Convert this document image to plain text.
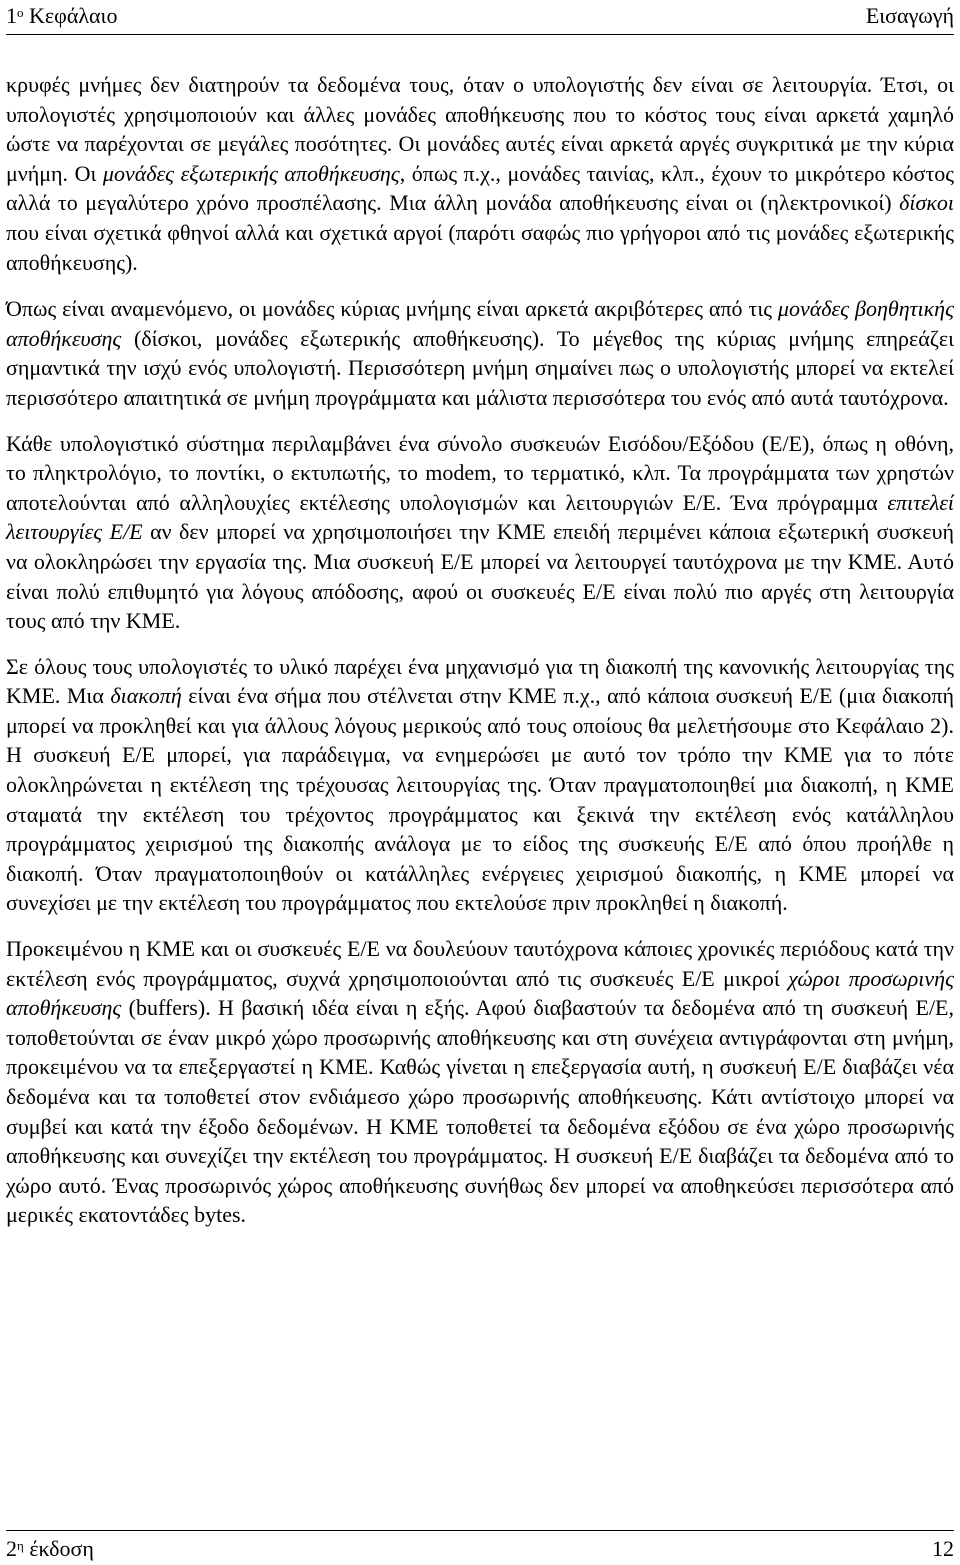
$1^o$ Κεφάλαιο	Εισαγωγή

κρυφές μνήμες δεν διατηρούν τα δεδομένα τους, όταν ο υπολογιστής δεν είναι σε λειτουργία. Έτσι, οι υπολογιστές χρησιμοποιούν και άλλες μονάδες αποθήκευσης που το κόστος τους είναι αρκετά χαμηλό ώστε να παρέχονται σε μεγάλες ποσότητες. Οι μονάδες αυτές είναι αρκετά αργές συγκριτικά με την κύρια μνήμη. Οι μονάδες εξωτερικής αποθήκευσης, όπως π.χ., μονάδες ταινίας, κλπ., έχουν το μικρότερο κόστος αλλά το μεγαλύτερο χρόνο προσπέλασης. Μια άλλη μονάδα αποθήκευσης είναι οι (ηλεκτρονικοί) δίσκοι που είναι σχετικά φθηνοί αλλά και σχετικά αργοί (παρότι σαφώς πιο γρήγοροι από τις μονάδες εξωτερικής αποθήκευσης).

Όπως είναι αναμενόμενο, οι μονάδες κύριας μνήμης είναι αρκετά ακριβότερες από τις μονάδες βοηθητικής αποθήκευσης (δίσκοι, μονάδες εξωτερικής αποθήκευσης). Το μέγεθος της κύριας μνήμης επηρεάζει σημαντικά την ισχύ ενός υπολογιστή. Περισσότερη μνήμη σημαίνει πως ο υπολογιστής μπορεί να εκτελεί περισσότερο απαιτητικά σε μνήμη προγράμματα και μάλιστα περισσότερα του ενός από αυτά ταυτόχρονα.

Κάθε υπολογιστικό σύστημα περιλαμβάνει ένα σύνολο συσκευών Εισόδου/Εξόδου (Ε/Ε), όπως η οθόνη, το πληκτρολόγιο, το ποντίκι, ο εκτυπωτής, το modem, το τερματικό, κλπ. Τα προγράμματα των χρηστών αποτελούνται από αλληλουχίες εκτέλεσης υπολογισμών και λειτουργιών Ε/Ε. Ένα πρόγραμμα επιτελεί λειτουργίες Ε/Ε αν δεν μπορεί να χρησιμοποιήσει την ΚΜΕ επειδή περιμένει κάποια εξωτερική συσκευή να ολοκληρώσει την εργασία της. Μια συσκευή Ε/Ε μπορεί να λειτουργεί ταυτόχρονα με την ΚΜΕ. Αυτό είναι πολύ επιθυμητό για λόγους απόδοσης, αφού οι συσκευές Ε/Ε είναι πολύ πιο αργές στη λειτουργία τους από την ΚΜΕ.

Σε όλους τους υπολογιστές το υλικό παρέχει ένα μηχανισμό για τη διακοπή της κανονικής λειτουργίας της ΚΜΕ. Μια διακοπή είναι ένα σήμα που στέλνεται στην ΚΜΕ π.χ., από κάποια συσκευή Ε/Ε (μια διακοπή μπορεί να προκληθεί και για άλλους λόγους μερικούς από τους οποίους θα μελετήσουμε στο Κεφάλαιο 2). Η συσκευή Ε/Ε μπορεί, για παράδειγμα, να ενημερώσει με αυτό τον τρόπο την ΚΜΕ για το πότε ολοκληρώνεται η εκτέλεση της τρέχουσας λειτουργίας της. Όταν πραγματοποιηθεί μια διακοπή, η ΚΜΕ σταματά την εκτέλεση του τρέχοντος προγράμματος και ξεκινά την εκτέλεση ενός κατάλληλου προγράμματος χειρισμού της διακοπής ανάλογα με το είδος της συσκευής Ε/Ε από όπου προήλθε η διακοπή. Όταν πραγματοποιηθούν οι κατάλληλες ενέργειες χειρισμού διακοπής, η ΚΜΕ μπορεί να συνεχίσει με την εκτέλεση του προγράμματος που εκτελούσε πριν προκληθεί η διακοπή.

Προκειμένου η ΚΜΕ και οι συσκευές Ε/Ε να δουλεύουν ταυτόχρονα κάποιες χρονικές περιόδους κατά την εκτέλεση ενός προγράμματος, συχνά χρησιμοποιούνται από τις συσκευές Ε/Ε μικροί χώροι προσωρινής αποθήκευσης (buffers). Η βασική ιδέα είναι η εξής. Αφού διαβαστούν τα δεδομένα από τη συσκευή Ε/Ε, τοποθετούνται σε έναν μικρό χώρο προσωρινής αποθήκευσης και στη συνέχεια αντιγράφονται στη μνήμη, προκειμένου να τα επεξεργαστεί η ΚΜΕ. Καθώς γίνεται η επεξεργασία αυτή, η συσκευή Ε/Ε διαβάζει νέα δεδομένα και τα τοποθετεί στον ενδιάμεσο χώρο προσωρινής αποθήκευσης. Κάτι αντίστοιχο μπορεί να συμβεί και κατά την έξοδο δεδομένων. Η ΚΜΕ τοποθετεί τα δεδομένα εξόδου σε ένα χώρο προσωρινής αποθήκευσης και συνεχίζει την εκτέλεση του προγράμματος. Η συσκευή Ε/Ε διαβάζει τα δεδομένα από το χώρο αυτό. Ένας προσωρινός χώρος αποθήκευσης συνήθως δεν μπορεί να αποθηκεύσει περισσότερα από μερικές εκατοντάδες bytes.

$2^\eta$ έκδοση	12
